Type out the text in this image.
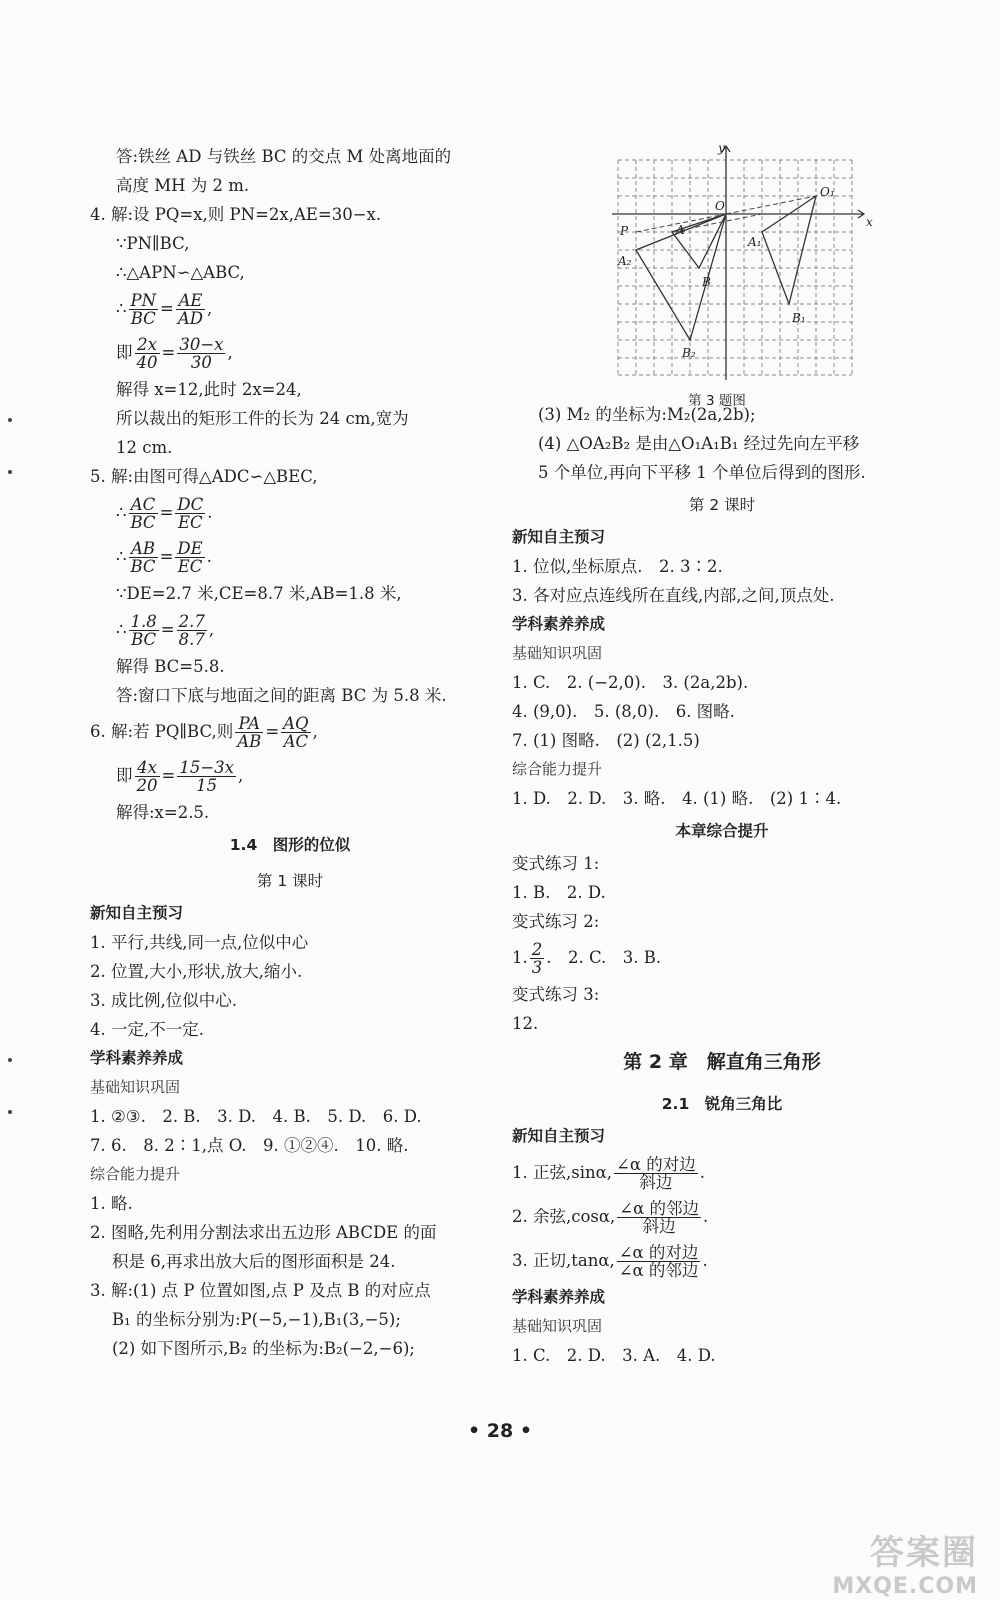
答:铁丝 AD 与铁丝 BC 的交点 M 处离地面的
高度 MH 为 2 m.
4. 解:设 PQ=x,则 PN=2x,AE=30−x.
∵PN∥BC,
∴△APN∽△ABC,
∴ $\frac{PN}{BC} = \frac{AE}{AD}$ ,
即 $\frac{2x}{40} = \frac{30-x}{30}$ ,
解得 x=12,此时 2x=24,
所以裁出的矩形工件的长为 24 cm,宽为
12 cm.
5. 解:由图可得△ADC∽△BEC,
∴ $\frac{AC}{BC} = \frac{DC}{EC}$ .
∴ $\frac{AB}{BC} = \frac{DE}{EC}$ .
∵DE=2.7 米,CE=8.7 米,AB=1.8 米,
∴ $\frac{1.8}{BC} = \frac{2.7}{8.7}$ ,
解得 BC=5.8.
答:窗口下底与地面之间的距离 BC 为 5.8 米.
6. 解:若 PQ∥BC,则 $\frac{PA}{AB} = \frac{AQ}{AC}$ ,
即 $\frac{4x}{20} = \frac{15-3x}{15}$ ,
解得:x=2.5.
1.4　图形的位似
第 1 课时
新知自主预习
1. 平行,共线,同一点,位似中心
2. 位置,大小,形状,放大,缩小.
3. 成比例,位似中心.
4. 一定,不一定.
学科素养养成
基础知识巩固
1. ②③.　2. B.　3. D.　4. B.　5. D.　6. D.
7. 6.　8. 2∶1,点 O.　9. ①②④.　10. 略.
综合能力提升
1. 略.
2. 图略,先利用分割法求出五边形 ABCDE 的面
积是 6,再求出放大后的图形面积是 24.
3. 解:(1) 点 P 位置如图,点 P 及点 B 的对应点
B₁ 的坐标分别为:P(−5,−1),B₁(3,−5);
(2) 如下图所示,B₂ 的坐标为:B₂(−2,−6);
y
x
O
O₁
P	A
A₁
A₂
B
B₁
B₂
第 3 题图
(3) M₂ 的坐标为:M₂(2a,2b);
(4) △OA₂B₂ 是由△O₁A₁B₁ 经过先向左平移
5 个单位,再向下平移 1 个单位后得到的图形.
第 2 课时
新知自主预习
1. 位似,坐标原点.　2. 3∶2.
3. 各对应点连线所在直线,内部,之间,顶点处.
学科素养养成
基础知识巩固
1. C.　2. (−2,0).　3. (2a,2b).
4. (9,0).　5. (8,0).　6. 图略.
7. (1) 图略.　(2) (2,1.5)
综合能力提升
1. D.　2. D.　3. 略.　4. (1) 略.　(2) 1∶4.
本章综合提升
变式练习 1:
1. B.　2. D.
变式练习 2:
1. $\frac{2}{3}$ .　2. C.　3. B.
变式练习 3:
12.
第 2 章　解直角三角形
2.1　锐角三角比
新知自主预习
1. 正弦,sinα, $\frac{\text{∠α 的对边}}{\text{斜边}}$ .
2. 余弦,cosα, $\frac{\text{∠α 的邻边}}{\text{斜边}}$ .
3. 正切,tanα, $\frac{\text{∠α 的对边}}{\text{∠α 的邻边}}$ .
学科素养养成
基础知识巩固
1. C.　2. D.　3. A.　4. D.
• 28 •
答案圈
MXQE.COM
